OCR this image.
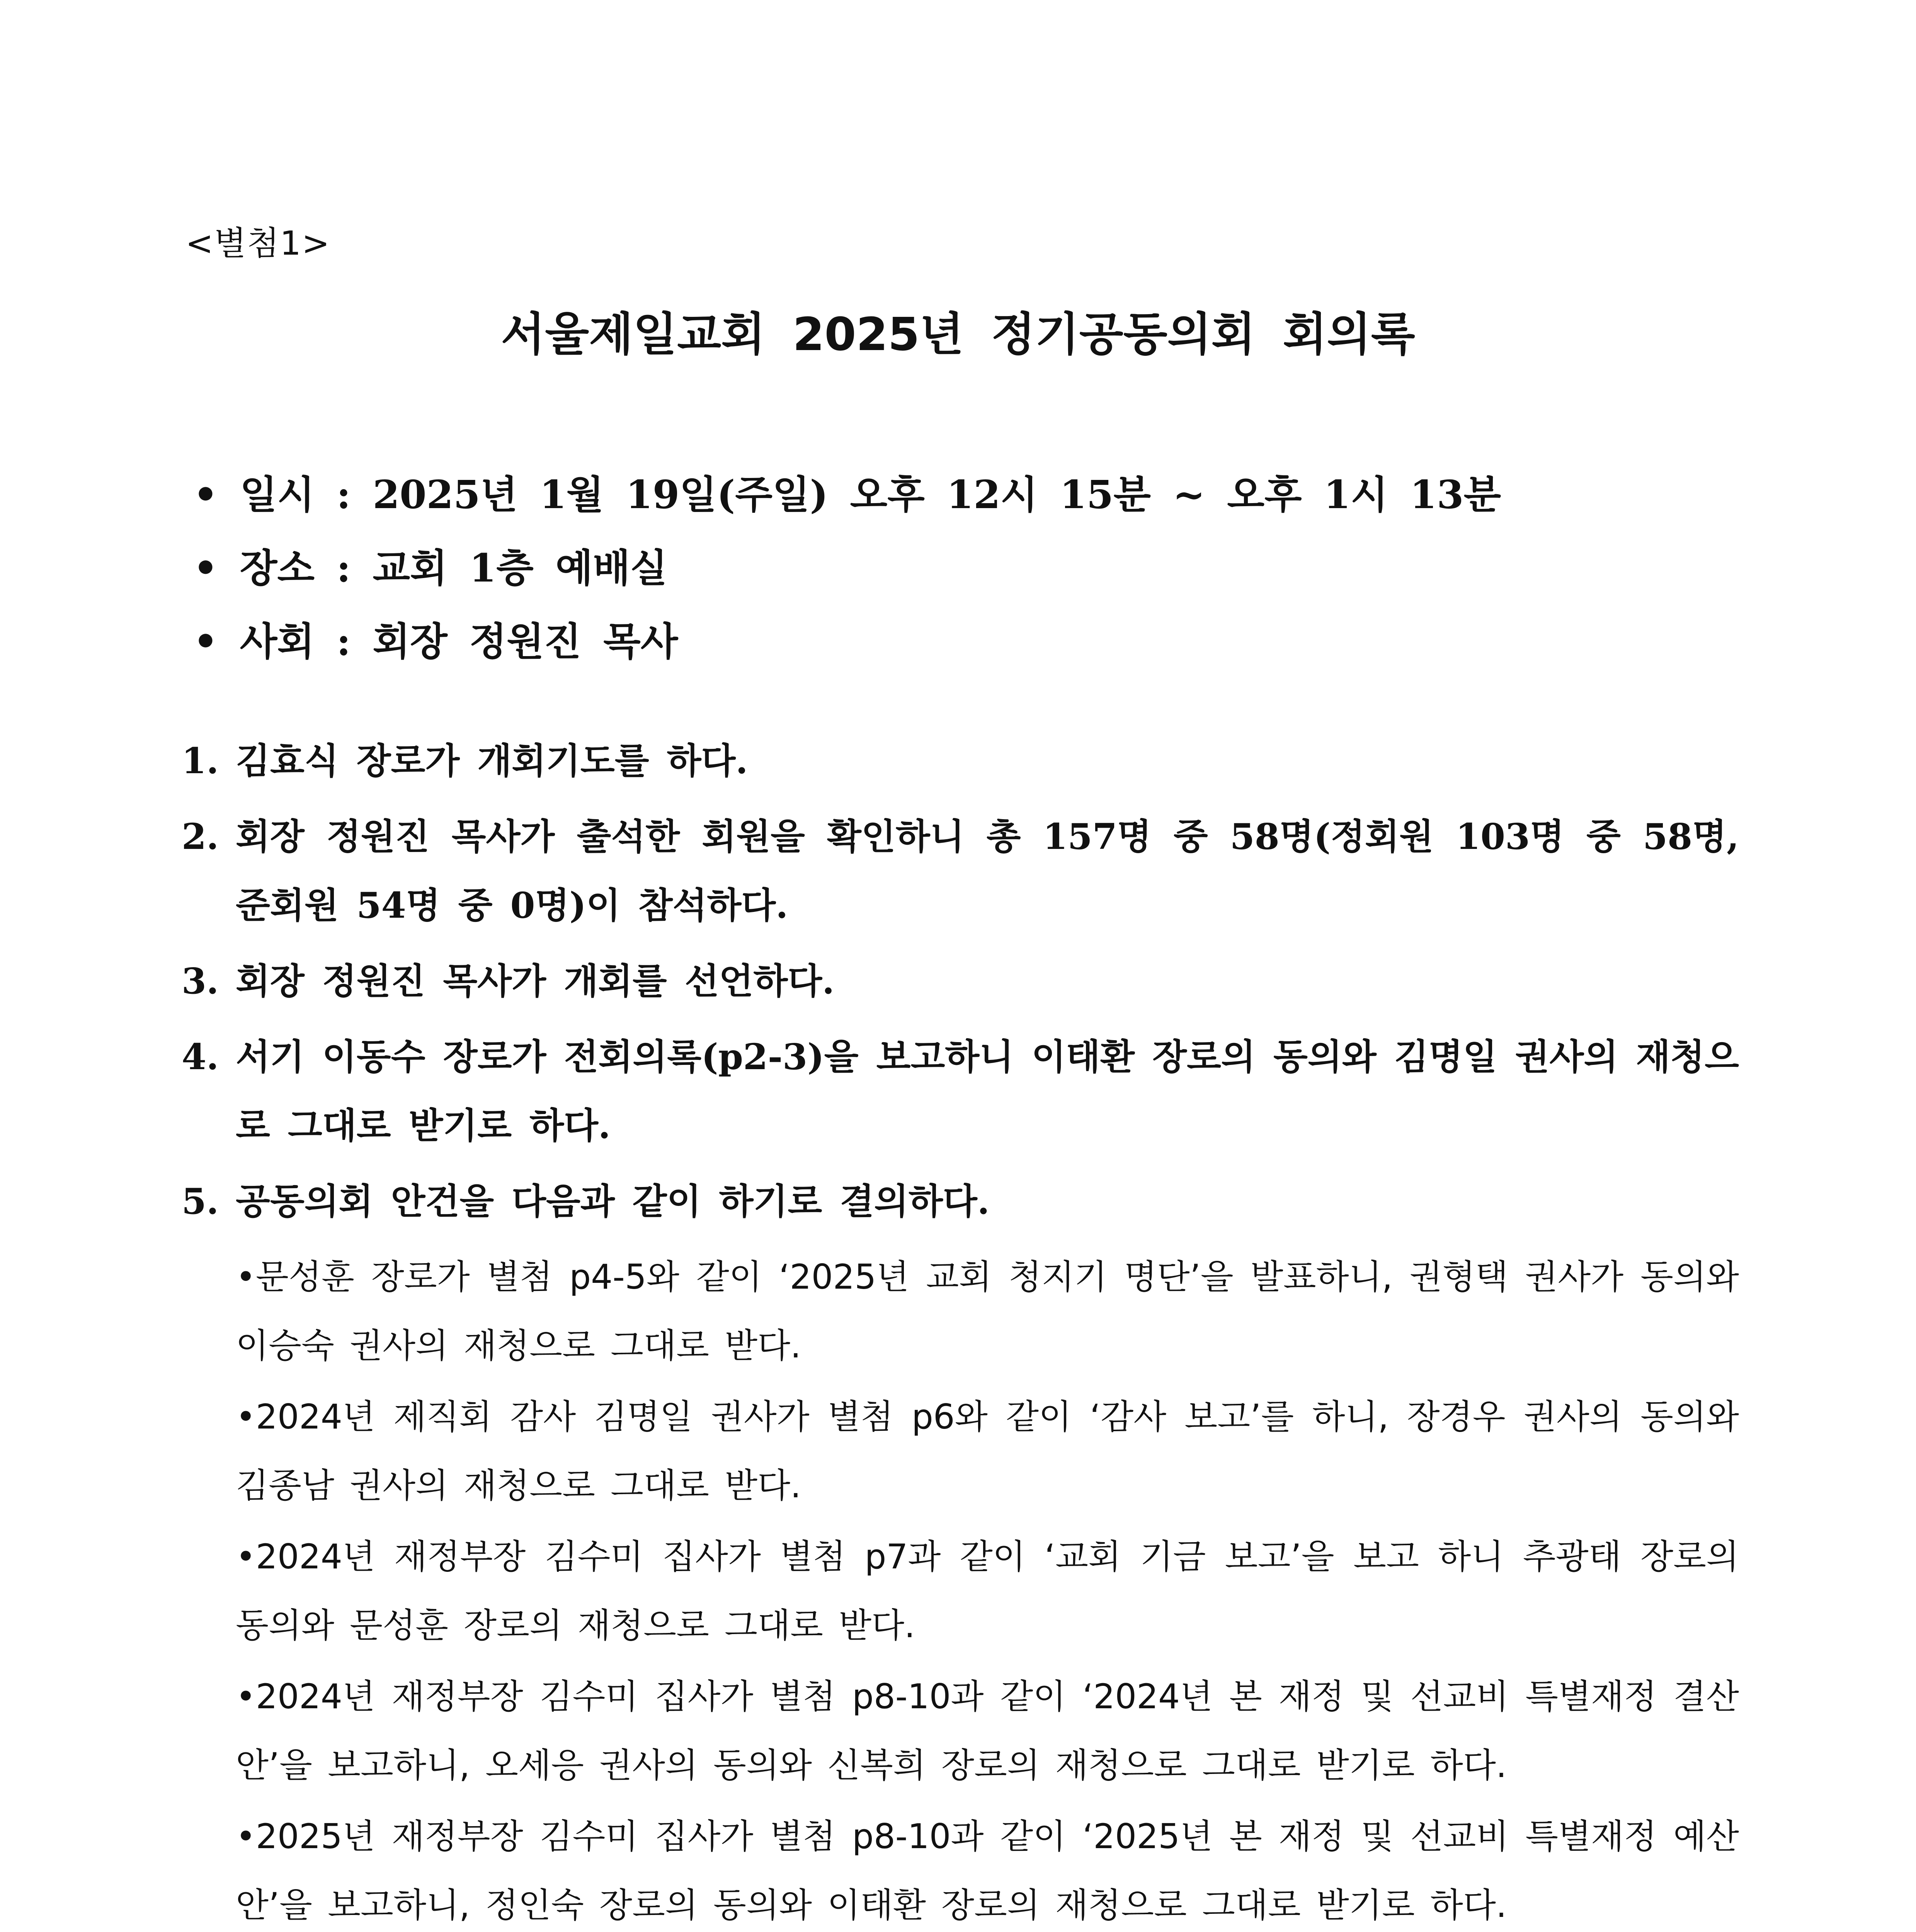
<별첨1>
서울제일교회 2025년 정기공동의회 회의록
• 일시 : 2025년 1월 19일(주일) 오후 12시 15분 ~ 오후 1시 13분
• 장소 : 교회 1층 예배실
• 사회 : 회장 정원진 목사
1. 김효식 장로가 개회기도를 하다.
2. 회장 정원진 목사가 출석한 회원을 확인하니 총 157명 중 58명(정회원 103명 중 58명, 준회원 54명 중 0명)이 참석하다.
3. 회장 정원진 목사가 개회를 선언하다.
4. 서기 이동수 장로가 전회의록(p2-3)을 보고하니 이태환 장로의 동의와 김명일 권사의 재청으로 그대로 받기로 하다.
5. 공동의회 안건을 다음과 같이 하기로 결의하다.
•문성훈 장로가 별첨 p4-5와 같이 ‘2025년 교회 청지기 명단’을 발표하니, 권형택 권사가 동의와 이승숙 권사의 재청으로 그대로 받다.
•2024년 제직회 감사 김명일 권사가 별첨 p6와 같이 ‘감사 보고’를 하니, 장경우 권사의 동의와 김종남 권사의 재청으로 그대로 받다.
•2024년 재정부장 김수미 집사가 별첨 p7과 같이 ‘교회 기금 보고’을 보고 하니 추광태 장로의 동의와 문성훈 장로의 재청으로 그대로 받다.
•2024년 재정부장 김수미 집사가 별첨 p8-10과 같이 ‘2024년 본 재정 및 선교비 특별재정 결산안’을 보고하니, 오세응 권사의 동의와 신복희 장로의 재청으로 그대로 받기로 하다.
•2025년 재정부장 김수미 집사가 별첨 p8-10과 같이 ‘2025년 본 재정 및 선교비 특별재정 예산안’을 보고하니, 정인숙 장로의 동의와 이태환 장로의 재청으로 그대로 받기로 하다.
